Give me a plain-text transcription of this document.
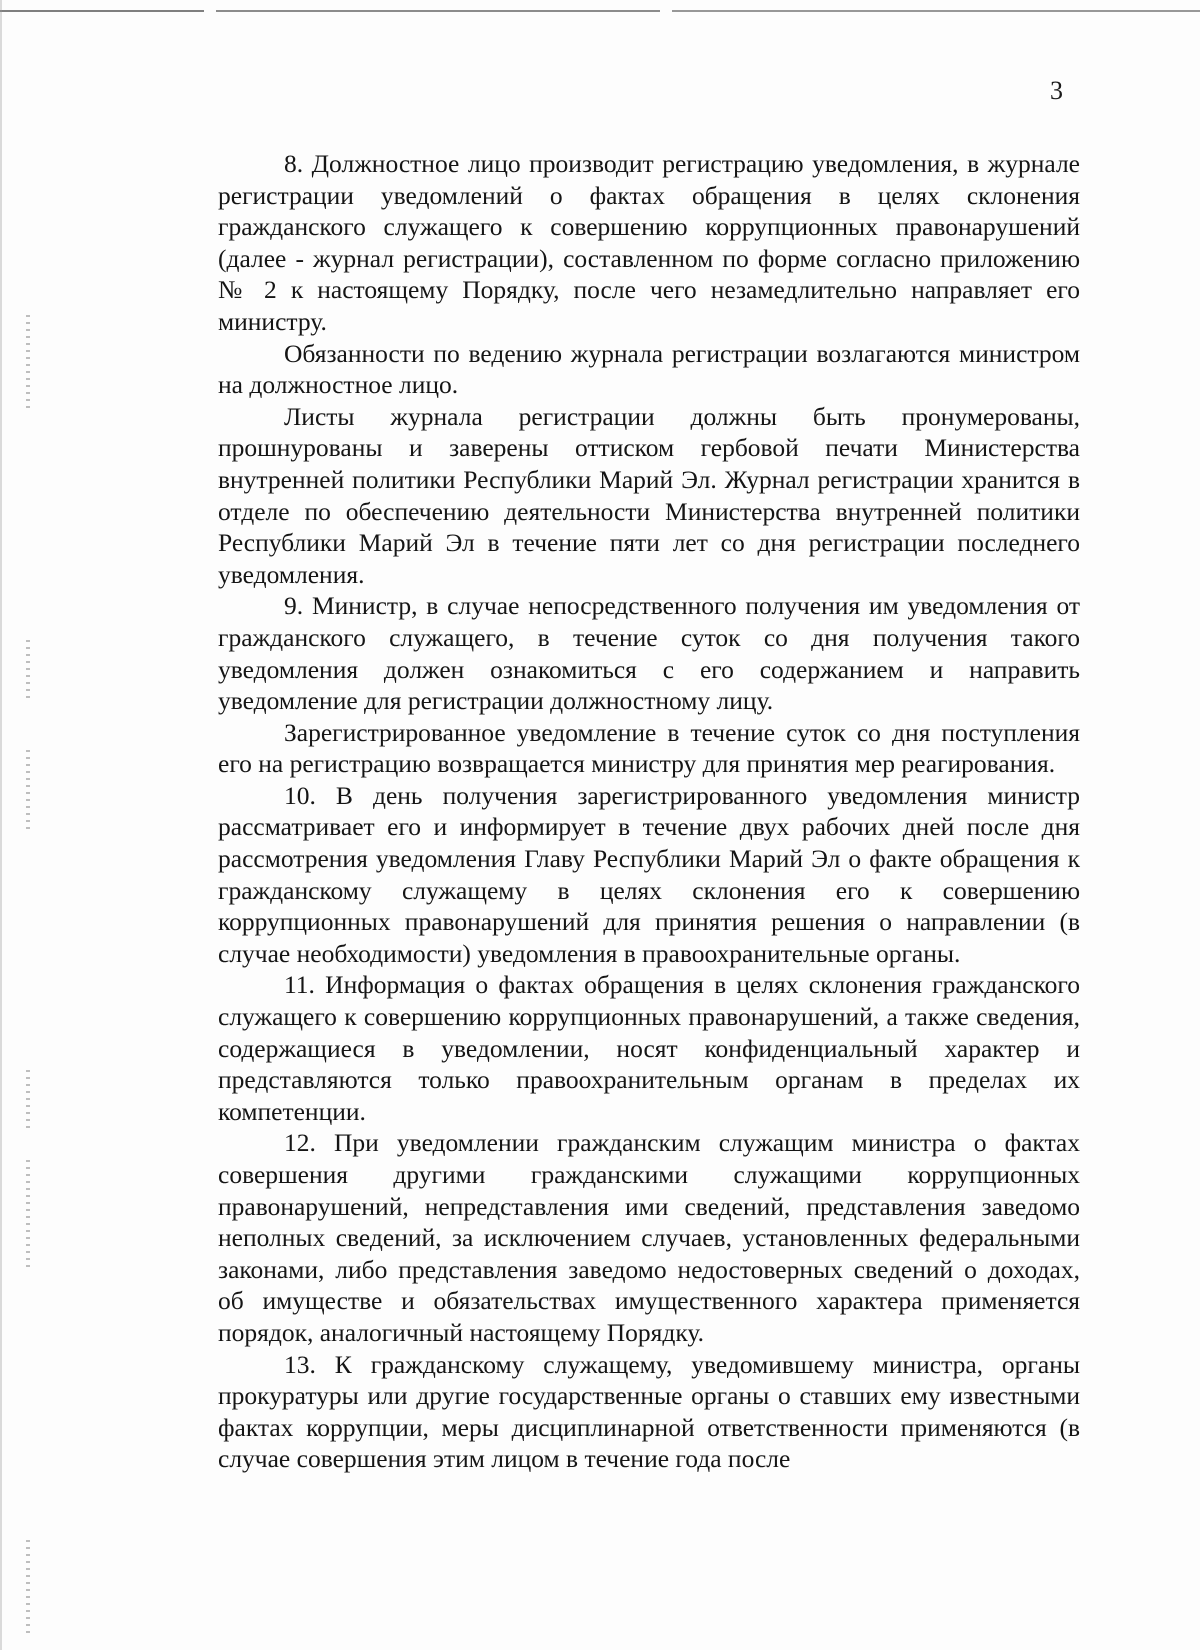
3

8. Должностное лицо производит регистрацию уведомления, в журнале регистрации уведомлений о фактах обращения в целях склонения гражданского служащего к совершению коррупционных правонарушений (далее - журнал регистрации), составленном по форме согласно приложению № 2 к настоящему Порядку, после чего незамедлительно направляет его министру.

Обязанности по ведению журнала регистрации возлагаются министром на должностное лицо.

Листы журнала регистрации должны быть пронумерованы, прошнурованы и заверены оттиском гербовой печати Министерства внутренней политики Республики Марий Эл. Журнал регистрации хранится в отделе по обеспечению деятельности Министерства внутренней политики Республики Марий Эл в течение пяти лет со дня регистрации последнего уведомления.

9. Министр, в случае непосредственного получения им уведомления от гражданского служащего, в течение суток со дня получения такого уведомления должен ознакомиться с его содержанием и направить уведомление для регистрации должностному лицу.

Зарегистрированное уведомление в течение суток со дня поступления его на регистрацию возвращается министру для принятия мер реагирования.

10. В день получения зарегистрированного уведомления министр рассматривает его и информирует в течение двух рабочих дней после дня рассмотрения уведомления Главу Республики Марий Эл о факте обращения к гражданскому служащему в целях склонения его к совершению коррупционных правонарушений для принятия решения о направлении (в случае необходимости) уведомления в правоохранительные органы.

11. Информация о фактах обращения в целях склонения гражданского служащего к совершению коррупционных правонарушений, а также сведения, содержащиеся в уведомлении, носят конфиденциальный характер и представляются только правоохранительным органам в пределах их компетенции.

12. При уведомлении гражданским служащим министра о фактах совершения другими гражданскими служащими коррупционных правонарушений, непредставления ими сведений, представления заведомо неполных сведений, за исключением случаев, установленных федеральными законами, либо представления заведомо недостоверных сведений о доходах, об имуществе и обязательствах имущественного характера применяется порядок, аналогичный настоящему Порядку.

13. К гражданскому служащему, уведомившему министра, органы прокуратуры или другие государственные органы о ставших ему известными фактах коррупции, меры дисциплинарной ответственности применяются (в случае совершения этим лицом в течение года после
